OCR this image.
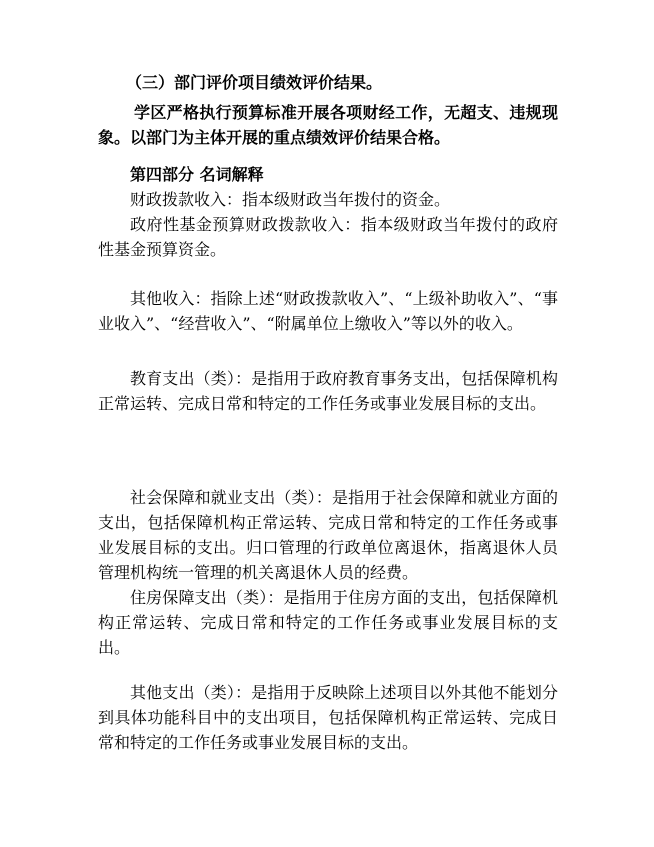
（三）部门评价项目绩效评价结果。
学区严格执行预算标准开展各项财经工作，无超支、违规现象。以部门为主体开展的重点绩效评价结果合格。
第四部分 名词解释
财政拨款收入：指本级财政当年拨付的资金。
政府性基金预算财政拨款收入：指本级财政当年拨付的政府性基金预算资金。
其他收入：指除上述“财政拨款收入”、“上级补助收入”、“事业收入”、“经营收入”、“附属单位上缴收入”等以外的收入。
教育支出（类）：是指用于政府教育事务支出，包括保障机构正常运转、完成日常和特定的工作任务或事业发展目标的支出。
社会保障和就业支出（类）：是指用于社会保障和就业方面的支出，包括保障机构正常运转、完成日常和特定的工作任务或事业发展目标的支出。归口管理的行政单位离退休，指离退休人员管理机构统一管理的机关离退休人员的经费。
住房保障支出（类）：是指用于住房方面的支出，包括保障机构正常运转、完成日常和特定的工作任务或事业发展目标的支出。
其他支出（类）：是指用于反映除上述项目以外其他不能划分到具体功能科目中的支出项目，包括保障机构正常运转、完成日常和特定的工作任务或事业发展目标的支出。
